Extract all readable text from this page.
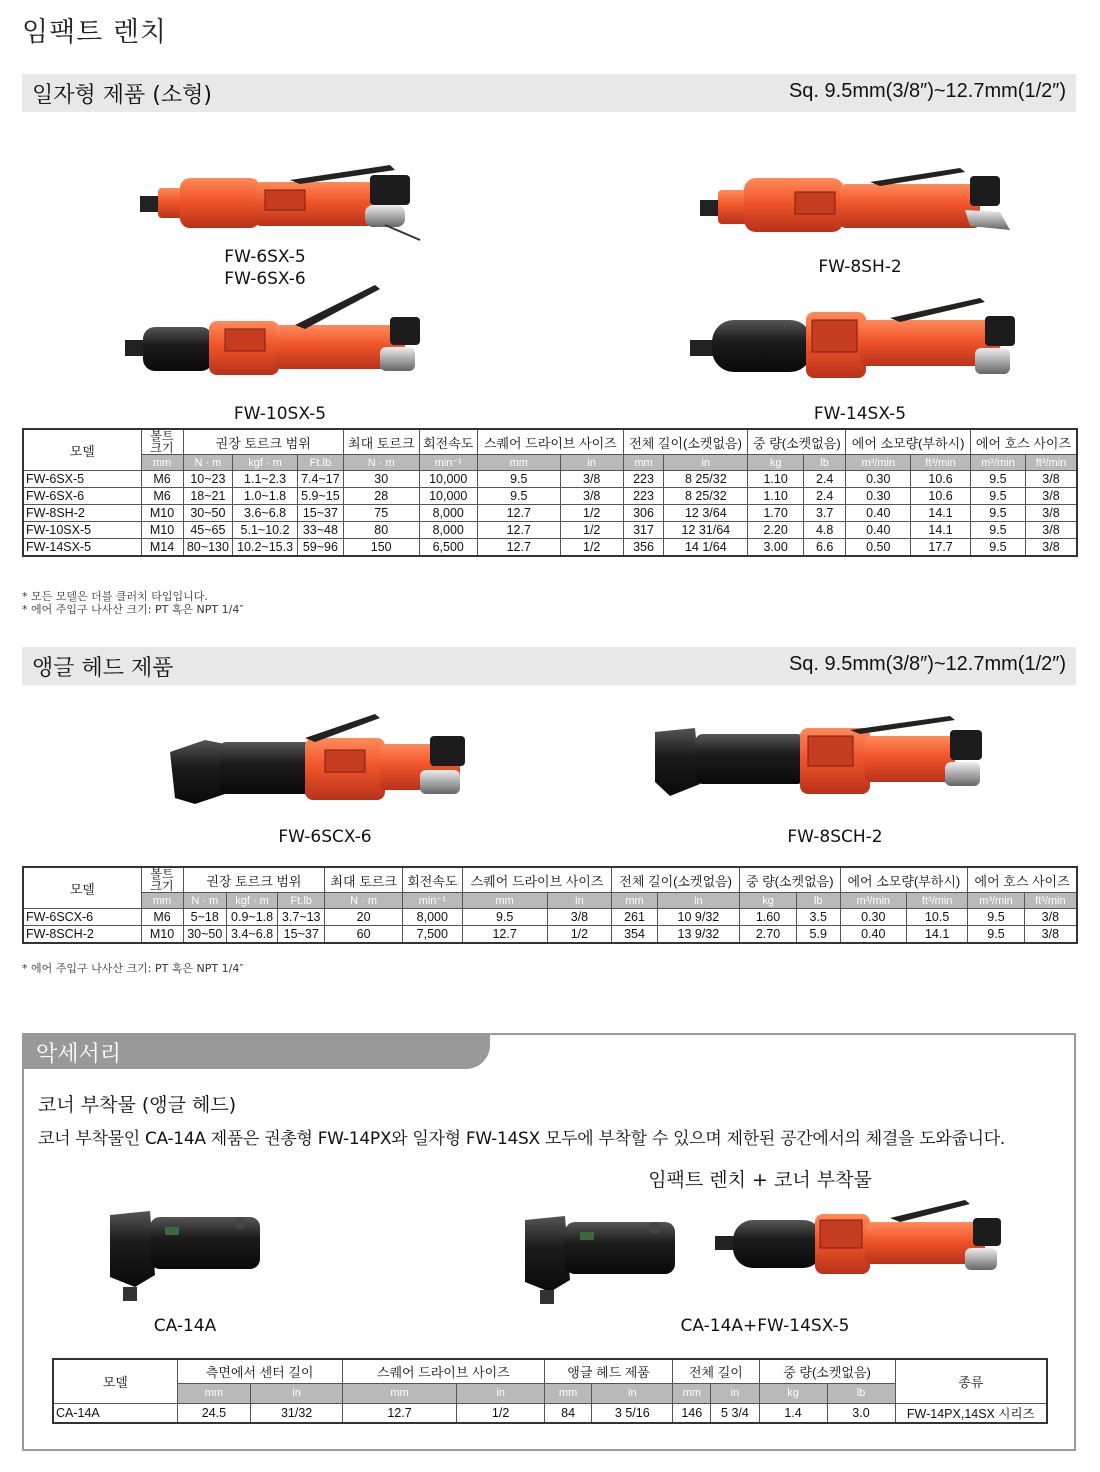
임팩트 렌치
일자형 제품 (소형)	Sq. 9.5mm(3/8″)~12.7mm(1/2″)
FW-6SX-5
FW-6SX-6
FW-8SH-2
FW-10SX-5	FW-14SX-5
모델	볼트 크기	권장 토르크 범위			최대 토르크	회전속도	스퀘어 드라이브 사이즈		전체 길이(소켓없음)		중 량(소켓없음)		에어 소모량(부하시)		에어 호스 사이즈	
	mm	N · m	kgf · m	Ft.lb	N · m	min⁻¹	mm	in	mm	in	kg	lb	m³/min	ft³/min	m³/min	ft³/min
FW-6SX-5	M6	10~23	1.1~2.3	7.4~17	30	10,000	9.5	3/8	223	8 25/32	1.10	2.4	0.30	10.6	9.5	3/8
FW-6SX-6	M6	18~21	1.0~1.8	5.9~15	28	10,000	9.5	3/8	223	8 25/32	1.10	2.4	0.30	10.6	9.5	3/8
FW-8SH-2	M10	30~50	3.6~6.8	15~37	75	8,000	12.7	1/2	306	12 3/64	1.70	3.7	0.40	14.1	9.5	3/8
FW-10SX-5	M10	45~65	5.1~10.2	33~48	80	8,000	12.7	1/2	317	12 31/64	2.20	4.8	0.40	14.1	9.5	3/8
FW-14SX-5	M14	80~130	10.2~15.3	59~96	150	6,500	12.7	1/2	356	14 1/64	3.00	6.6	0.50	17.7	9.5	3/8
* 모든 모델은 더블 클러치 타입입니다.
* 에어 주입구 나사산 크기: PT 혹은 NPT 1/4″
앵글 헤드 제품	Sq. 9.5mm(3/8″)~12.7mm(1/2″)
FW-6SCX-6	FW-8SCH-2
모델	볼트 크기	권장 토르크 범위			최대 토르크	회전속도	스퀘어 드라이브 사이즈		전체 길이(소켓없음)		중 량(소켓없음)		에어 소모량(부하시)		에어 호스 사이즈	
	mm	N · m	kgf · m	Ft.lb	N · m	min⁻¹	mm	in	mm	in	kg	lb	m³/min	ft³/min	m³/min	ft³/min
FW-6SCX-6	M6	5~18	0.9~1.8	3.7~13	20	8,000	9.5	3/8	261	10 9/32	1.60	3.5	0.30	10.5	9.5	3/8
FW-8SCH-2	M10	30~50	3.4~6.8	15~37	60	7,500	12.7	1/2	354	13 9/32	2.70	5.9	0.40	14.1	9.5	3/8
* 에어 주입구 나사산 크기: PT 혹은 NPT 1/4″
악세서리
코너 부착물 (앵글 헤드)
코너 부착물인 CA-14A 제품은 권총형 FW-14PX와 일자형 FW-14SX 모두에 부착할 수 있으며 제한된 공간에서의 체결을 도와줍니다.
임팩트 렌치 + 코너 부착물
CA-14A	CA-14A+FW-14SX-5
모델	측면에서 센터 길이		스퀘어 드라이브 사이즈		앵글 헤드 제품		전체 길이		중 량(소켓없음)		종류
	mm	in	mm	in	mm	in	mm	in	kg	lb	
CA-14A	24.5	31/32	12.7	1/2	84	3 5/16	146	5 3/4	1.4	3.0	FW-14PX,14SX 시리즈
